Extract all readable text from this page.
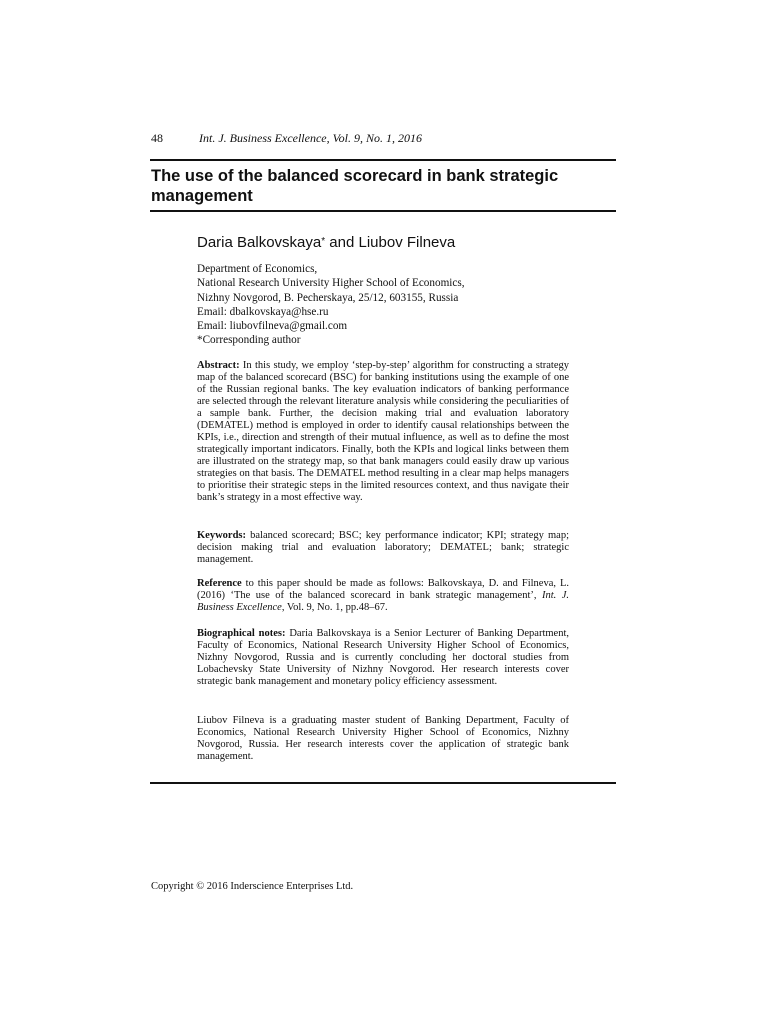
48	Int. J. Business Excellence, Vol. 9, No. 1, 2016
The use of the balanced scorecard in bank strategic management
Daria Balkovskaya* and Liubov Filneva
Department of Economics,
National Research University Higher School of Economics,
Nizhny Novgorod, B. Pecherskaya, 25/12, 603155, Russia
Email: dbalkovskaya@hse.ru
Email: liubovfilneva@gmail.com
*Corresponding author
Abstract: In this study, we employ ‘step-by-step’ algorithm for constructing a strategy map of the balanced scorecard (BSC) for banking institutions using the example of one of the Russian regional banks. The key evaluation indicators of banking performance are selected through the relevant literature analysis while considering the peculiarities of a sample bank. Further, the decision making trial and evaluation laboratory (DEMATEL) method is employed in order to identify causal relationships between the KPIs, i.e., direction and strength of their mutual influence, as well as to define the most strategically important indicators. Finally, both the KPIs and logical links between them are illustrated on the strategy map, so that bank managers could easily draw up various strategies on that basis. The DEMATEL method resulting in a clear map helps managers to prioritise their strategic steps in the limited resources context, and thus navigate their bank’s strategy in a most effective way.
Keywords: balanced scorecard; BSC; key performance indicator; KPI; strategy map; decision making trial and evaluation laboratory; DEMATEL; bank; strategic management.
Reference to this paper should be made as follows: Balkovskaya, D. and Filneva, L. (2016) ‘The use of the balanced scorecard in bank strategic management’, Int. J. Business Excellence, Vol. 9, No. 1, pp.48–67.
Biographical notes: Daria Balkovskaya is a Senior Lecturer of Banking Department, Faculty of Economics, National Research University Higher School of Economics, Nizhny Novgorod, Russia and is currently concluding her doctoral studies from Lobachevsky State University of Nizhny Novgorod. Her research interests cover strategic bank management and monetary policy efficiency assessment.
Liubov Filneva is a graduating master student of Banking Department, Faculty of Economics, National Research University Higher School of Economics, Nizhny Novgorod, Russia. Her research interests cover the application of strategic bank management.
Copyright © 2016 Inderscience Enterprises Ltd.
